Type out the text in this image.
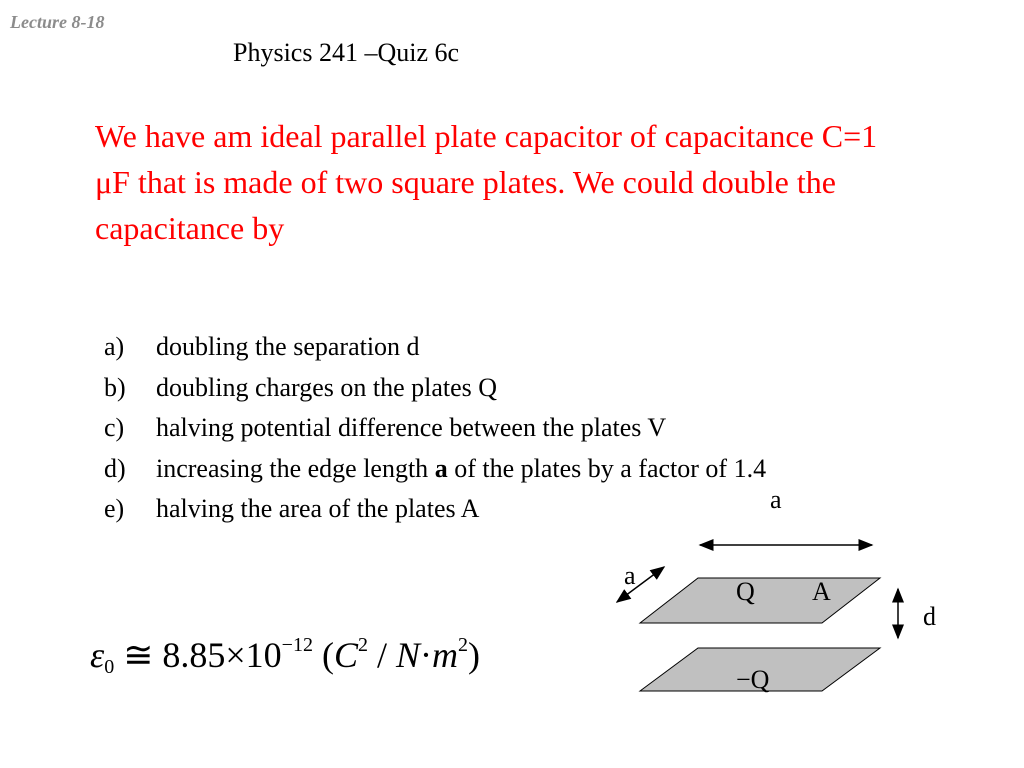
Lecture 8-18
Physics 241 –Quiz 6c
We have am ideal parallel plate capacitor of capacitance C=1 μF that is made of two square plates. We could double the capacitance by
a)	doubling the separation d
b)	doubling charges on the plates Q
c)	halving potential difference between the plates V
d)	increasing the edge length a of the plates by a factor of 1.4
e)	halving the area of the plates A
$\varepsilon_0$ ≅ $8.85\times 10^{-12}$ $(C^2 / N\cdot m^2)$
a
a
Q A
d
−Q
